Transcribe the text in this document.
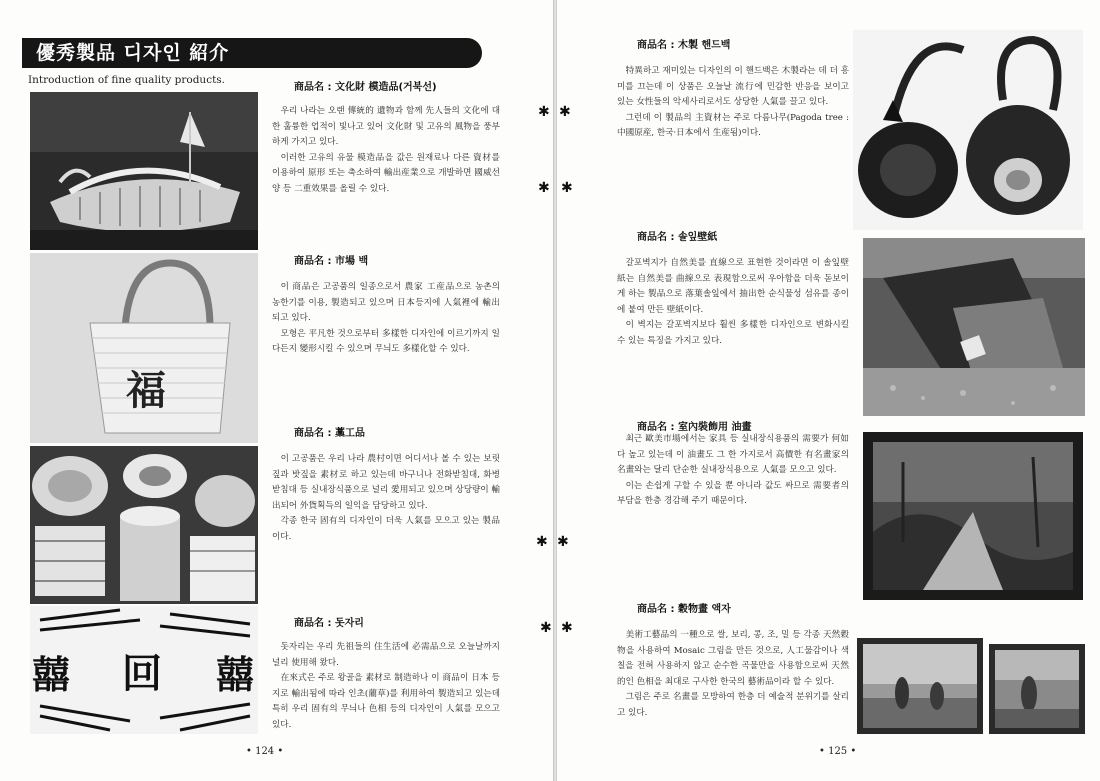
優秀製品 디자인 紹介
Introduction of fine quality products.
福
囍 回 囍
商品名 : 文化財 模造品(거북선)

우리 나라는 오랜 傳統的 遺物과 함께 先人들의 文化에 대한 훌륭한 업적이 빛나고 있어 文化財 및 고유의 風物을 풍부하게 가지고 있다.

이러한 고유의 유물 模造品을 값은 원재료나 다른 資材를 이용하여 原形 또는 축소하여 輸出産業으로 개발하면 國威선양 등 二重效果를 올릴 수 있다.

商品名 : 市場 백

이 商品은 고공품의 일종으로서 農家 工産品으로 농촌의 농한기를 이용, 製造되고 있으며 日本등지에 人氣裡에 輸出되고 있다.

모형은 平凡한 것으로부터 多樣한 디자인에 이르기까지 일다든지 變形시킬 수 있으며 무늬도 多樣化할 수 있다.

商品名 : 藁工品

이 고공품은 우리 나라 農村이면 어디서나 볼 수 있는 보릿짚과 밧짚을 素材로 하고 있는데 바구니나 전화받침대, 화병받침대 등 실내장식품으로 널리 愛用되고 있으며 상당량이 輸出되어 外貨획득의 일익을 담당하고 있다.

각종 한국 固有의 디자인이 더욱 人氣를 모으고 있는 製品이다.

商品名 : 돗자리

돗자리는 우리 先祖들의 住生活에 必需品으로 오늘날까지 널리 使用해 왔다.

在來式은 주로 왕골을 素材로 制造하나 이 商品이 日本 등지로 輸出됨에 따라 인초(藺草)를 利用하여 製造되고 있는데 특히 우리 固有의 무늬나 色相 등의 디자인이 人氣를 모으고 있다.

• 124 •
✱
✱
✱
✱
✱
✱
✱
✱
商品名 : 木製 핸드백

特異하고 재미있는 디자인의 이 핸드백은 木製라는 데 더 흥미를 끄는데 이 상품은 오늘날 流行에 민감한 반응을 보이고 있는 女性들의 악세사리로서도 상당한 人氣를 끌고 있다.

그런데 이 製品의 主資材는 주로 다름나무(Pagoda tree : 中國原産, 한국·日本에서 生産됨)이다.

商品名 : 솔잎壁紙

갈포벽지가 自然美를 直線으로 표현한 것이라면 이 솔잎壁紙는 自然美를 曲線으로 表現함으로써 우아함을 더욱 돋보이게 하는 製品으로 落葉솔잎에서 抽出한 순식물성 섬유를 종이에 붙여 만든 壁紙이다.

이 벽지는 갈포벽지보다 훨씬 多樣한 디자인으로 변화시킬 수 있는 특징을 가지고 있다.

商品名 : 室內裝飾用 油畫

최근 歐美市場에서는 家具 등 실내장식용품의 需要가 何如다 높고 있는데 이 油畫도 그 한 가지로서 高價한 有名畫家의 名畫와는 달리 단순한 실내장식용으로 人氣를 모으고 있다.

이는 손쉽게 구할 수 있을 뿐 아니라 값도 싸므로 需要者의 부담을 한층 경감해 주기 때문이다.

商品名 : 穀物畫 액자

美術工藝品의 一種으로 쌀, 보리, 콩, 조, 밀 등 각종 天然穀物을 사용하여 Mosaic 그림을 만든 것으로, 人工물감이나 색칠을 전혀 사용하지 않고 순수한 곡물만을 사용함으로써 天然的인 色相을 최대로 구사한 한국의 藝術品이라 할 수 있다.

그림은 주로 名畫를 모방하여 한층 더 예술적 분위기를 살리고 있다.

• 125 •
